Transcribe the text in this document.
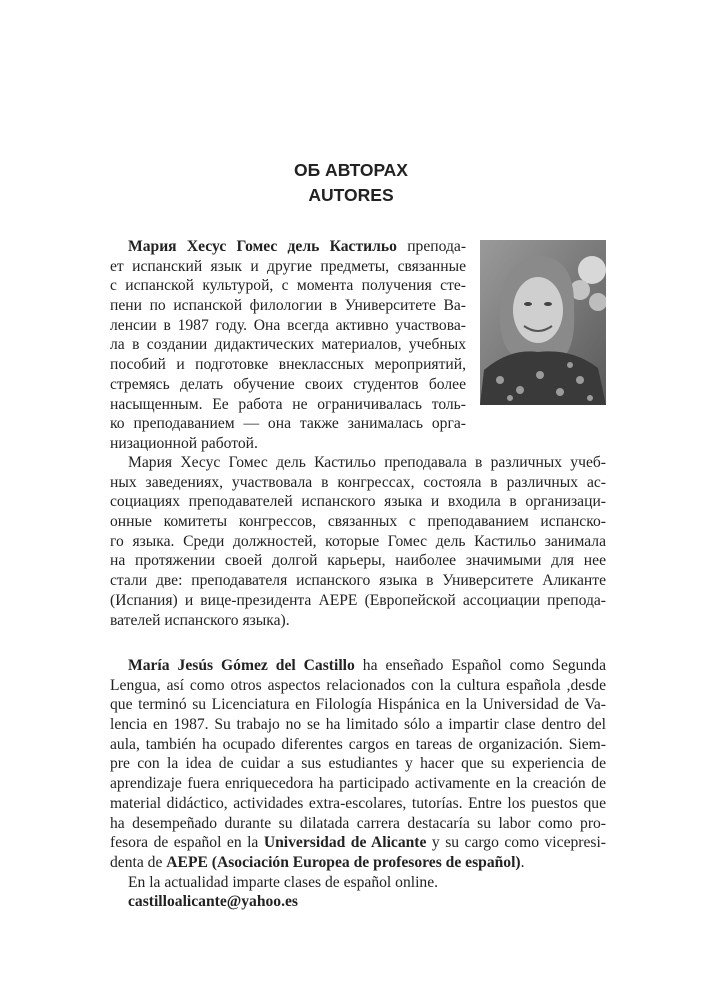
ОБ АВТОРАХ
AUTORES
Мария Хесус Гомес дель Кастильо препода-
ет испанский язык и другие предметы, связанные
с испанской культурой, с момента получения сте-
пени по испанской филологии в Университете Ва-
ленсии в 1987 году. Она всегда активно участвова-
ла в создании дидактических материалов, учебных
пособий и подготовке внеклассных мероприятий,
стремясь делать обучение своих студентов более
насыщенным. Ее работа не ограничивалась толь-
ко преподаванием — она также занималась орга-
низационной работой.
Мария Хесус Гомес дель Кастильо преподавала в различных учеб-
ных заведениях, участвовала в конгрессах, состояла в различных ас-
социациях преподавателей испанского языка и входила в организаци-
онные комитеты конгрессов, связанных с преподаванием испанско-
го языка. Среди должностей, которые Гомес дель Кастильо занимала
на протяжении своей долгой карьеры, наиболее значимыми для нее
стали две: преподавателя испанского языка в Университете Аликанте
(Испания) и вице-президента AEPE (Европейской ассоциации препода-
вателей испанского языка).
María Jesús Gómez del Castillo ha enseñado Español como Segunda
Lengua, así como otros aspectos relacionados con la cultura española ,desde
que terminó su Licenciatura en Filología Hispánica en la Universidad de Va-
lencia en 1987. Su trabajo no se ha limitado sólo a impartir clase dentro del
aula, también ha ocupado diferentes cargos en tareas de organización. Siem-
pre con la idea de cuidar a sus estudiantes y hacer que su experiencia de
aprendizaje fuera enriquecedora ha participado activamente en la creación de
material didáctico, actividades extra-escolares, tutorías. Entre los puestos que
ha desempeñado durante su dilatada carrera destacaría su labor como pro-
fesora de español en la Universidad de Alicante y su cargo como vicepresi-
denta de AEPE (Asociación Europea de profesores de español).
En la actualidad imparte clases de español online.
castilloalicante@yahoo.es
